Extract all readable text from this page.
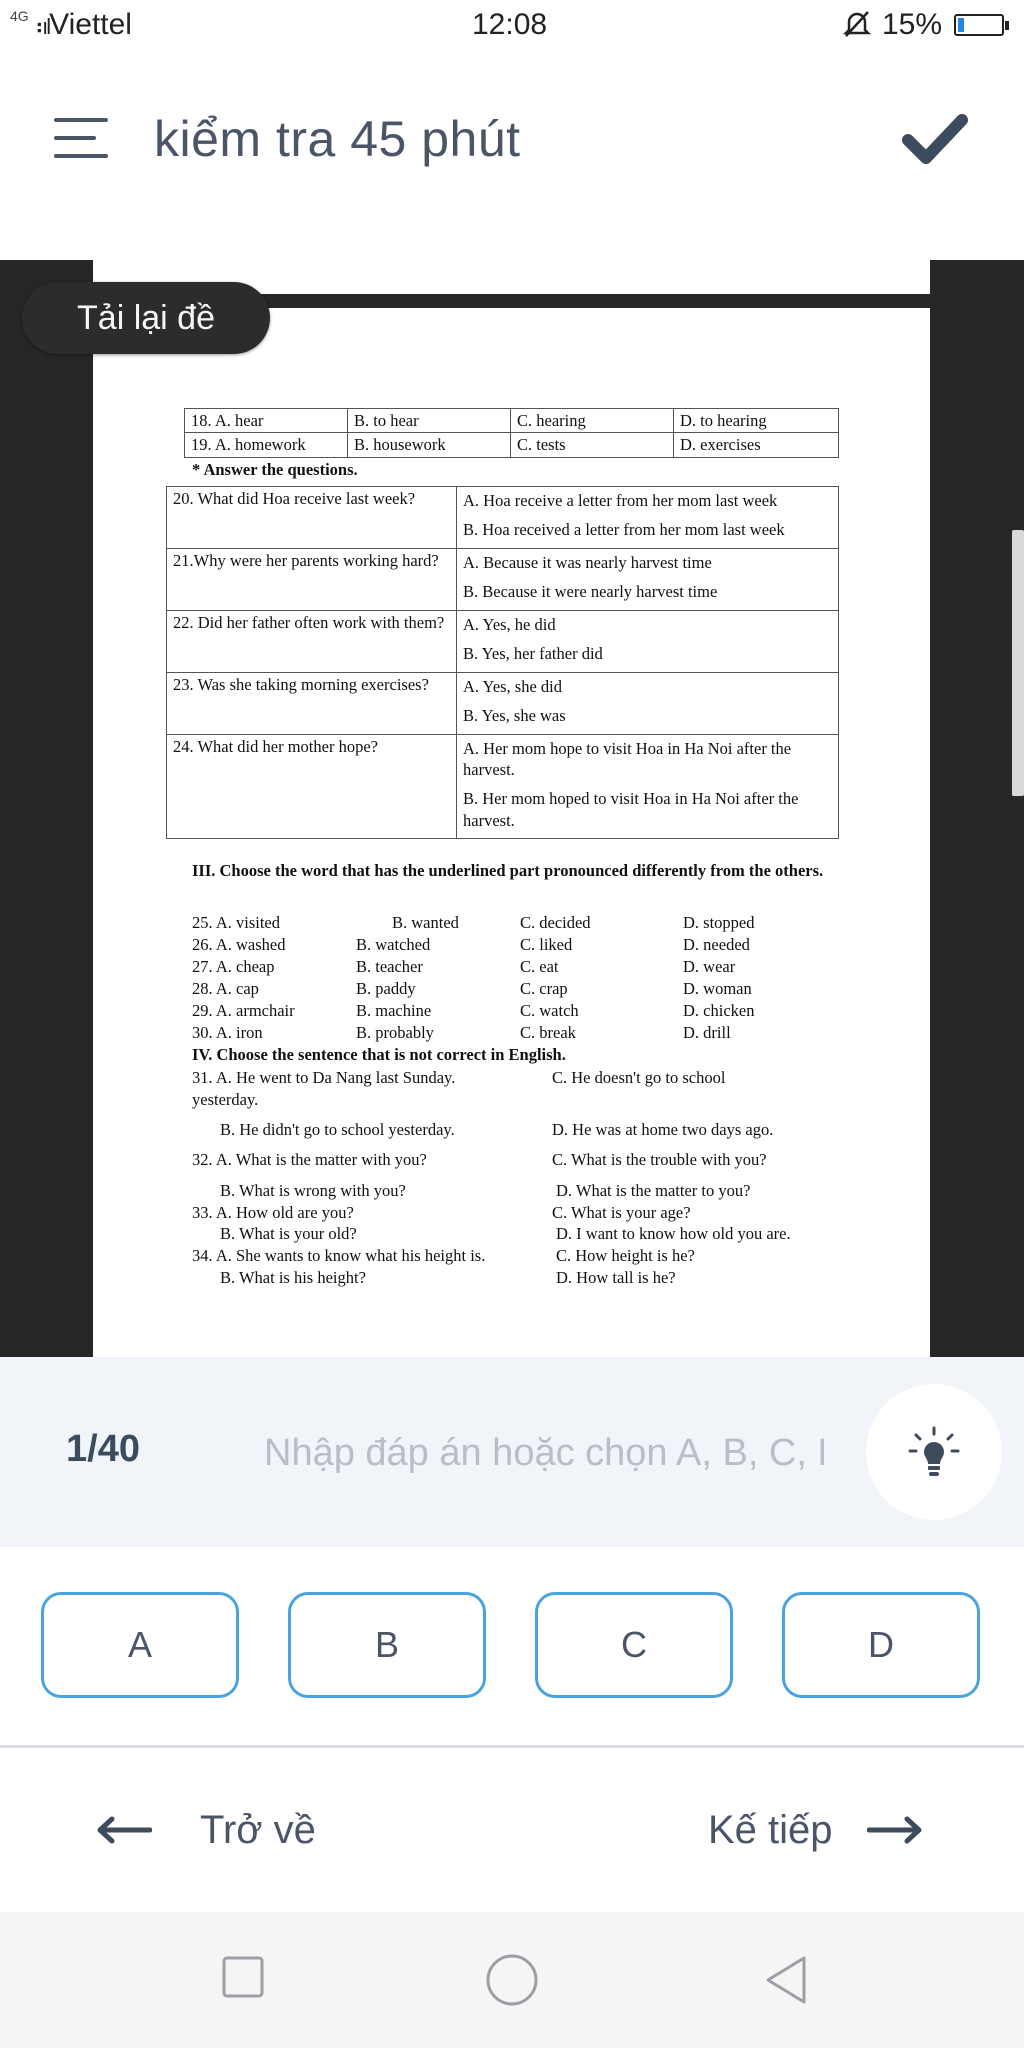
4G ⠰ılViettel	12:08	15%
kiểm tra 45 phút
18. A. hear	B. to hear	C. hearing	D. to hearing
19. A. homework	B. housework	C. tests	D. exercises
* Answer the questions.
20. What did Hoa receive last week?	A. Hoa receive a letter from her mom last week
B. Hoa received a letter from her mom last week

21.Why were her parents working hard?	A. Because it was nearly harvest time
B. Because it were nearly harvest time

22. Did her father often work with them?	A. Yes, he did
B. Yes, her father did

23. Was she taking morning exercises?	A. Yes, she did
B. Yes, she was

24. What did her mother hope?	A. Her mom hope to visit Hoa in Ha Noi after the harvest.
B. Her mom hoped to visit Hoa in Ha Noi after the harvest.
III. Choose the word that has the underlined part pronounced differently from the others.
25. A. visited	B. wanted	C. decided	D. stopped
26. A. washed	B. watched	C. liked	D. needed
27. A. cheap	B. teacher	C. eat	D. wear
28. A. cap	B. paddy	C. crap	D. woman
29. A. armchair	B. machine	C. watch	D. chicken
30. A. iron	B. probably	C. break	D. drill
IV. Choose the sentence that is not correct in English.
31. A. He went to Da Nang last Sunday.	C. He doesn't go to school
yesterday.
B. He didn't go to school yesterday.	D. He was at home two days ago.
32. A. What is the matter with you?	C. What is the trouble with you?
B. What is wrong with you?	D. What is the matter to you?
33. A. How old are you?	C. What is your age?
B. What is your old?	D. I want to know how old you are.
34. A. She wants to know what his height is.	C. How height is he?
B. What is his height?	D. How tall is he?
Tải lại đề
1/40
Nhập đáp án hoặc chọn A, B, C, D
A	B	C	D
Trở về	Kế tiếp
